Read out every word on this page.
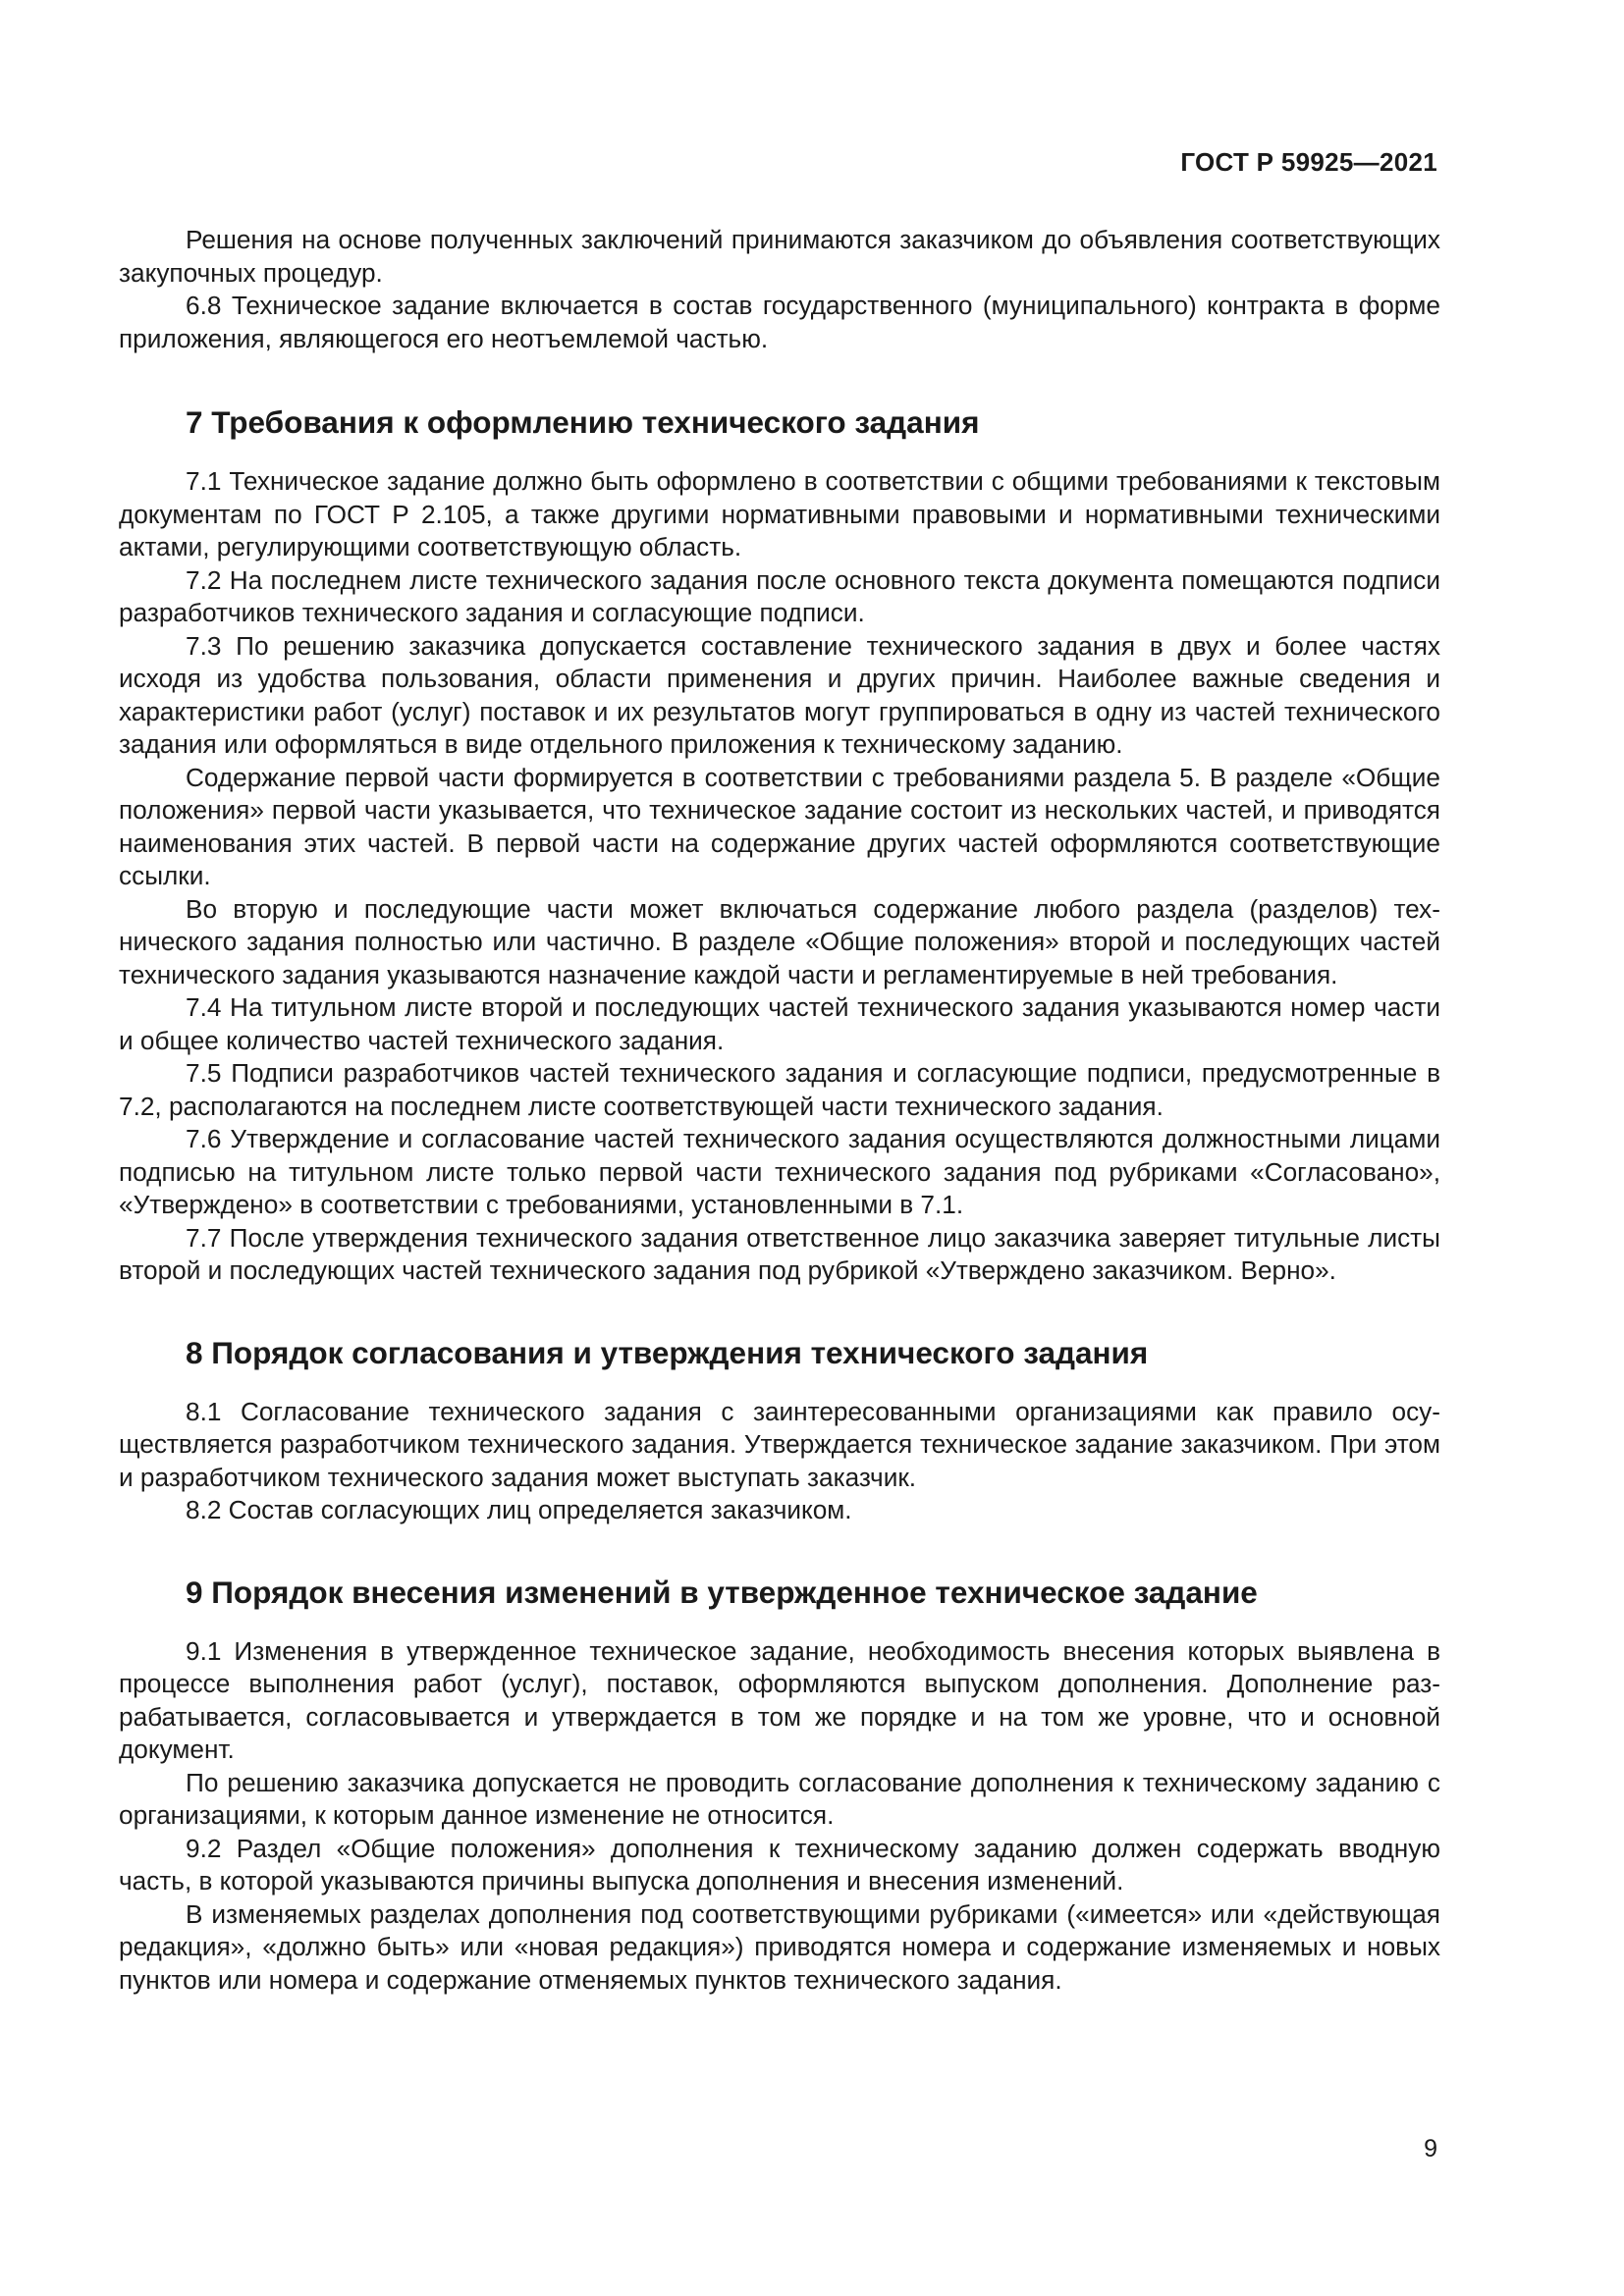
ГОСТ Р 59925—2021

Решения на основе полученных заключений принимаются заказчиком до объявления соответствующих закупочных процедур.

6.8 Техническое задание включается в состав государственного (муниципального) контракта в форме приложения, являющегося его неотъемлемой частью.

7 Требования к оформлению технического задания

7.1 Техническое задание должно быть оформлено в соответствии с общими требованиями к текстовым документам по ГОСТ Р 2.105, а также другими нормативными правовыми и нормативными техническими актами, регулирующими соответствующую область.

7.2 На последнем листе технического задания после основного текста документа помещаются подписи разработчиков технического задания и согласующие подписи.

7.3 По решению заказчика допускается составление технического задания в двух и более частях исходя из удобства пользования, области применения и других причин. Наиболее важные сведения и характеристики работ (услуг) поставок и их результатов могут группироваться в одну из частей технического задания или оформляться в виде отдельного приложения к техническому заданию.

Содержание первой части формируется в соответствии с требованиями раздела 5. В разделе «Общие положения» первой части указывается, что техническое задание состоит из нескольких частей, и приводятся наименования этих частей. В первой части на содержание других частей оформляются соответствующие ссылки.

Во вторую и последующие части может включаться содержание любого раздела (разделов) технического задания полностью или частично. В разделе «Общие положения» второй и последующих частей технического задания указываются назначение каждой части и регламентируемые в ней требования.

7.4 На титульном листе второй и последующих частей технического задания указываются номер части и общее количество частей технического задания.

7.5 Подписи разработчиков частей технического задания и согласующие подписи, предусмотренные в 7.2, располагаются на последнем листе соответствующей части технического задания.

7.6 Утверждение и согласование частей технического задания осуществляются должностными лицами подписью на титульном листе только первой части технического задания под рубриками «Согласовано», «Утверждено» в соответствии с требованиями, установленными в 7.1.

7.7 После утверждения технического задания ответственное лицо заказчика заверяет титульные листы второй и последующих частей технического задания под рубрикой «Утверждено заказчиком. Верно».

8 Порядок согласования и утверждения технического задания

8.1 Согласование технического задания с заинтересованными организациями как правило осуществляется разработчиком технического задания. Утверждается техническое задание заказчиком. При этом и разработчиком технического задания может выступать заказчик.

8.2 Состав согласующих лиц определяется заказчиком.

9 Порядок внесения изменений в утвержденное техническое задание

9.1 Изменения в утвержденное техническое задание, необходимость внесения которых выявлена в процессе выполнения работ (услуг), поставок, оформляются выпуском дополнения. Дополнение разрабатывается, согласовывается и утверждается в том же порядке и на том же уровне, что и основной документ.

По решению заказчика допускается не проводить согласование дополнения к техническому заданию с организациями, к которым данное изменение не относится.

9.2 Раздел «Общие положения» дополнения к техническому заданию должен содержать вводную часть, в которой указываются причины выпуска дополнения и внесения изменений.

В изменяемых разделах дополнения под соответствующими рубриками («имеется» или «действующая редакция», «должно быть» или «новая редакция») приводятся номера и содержание изменяемых и новых пунктов или номера и содержание отменяемых пунктов технического задания.

9
